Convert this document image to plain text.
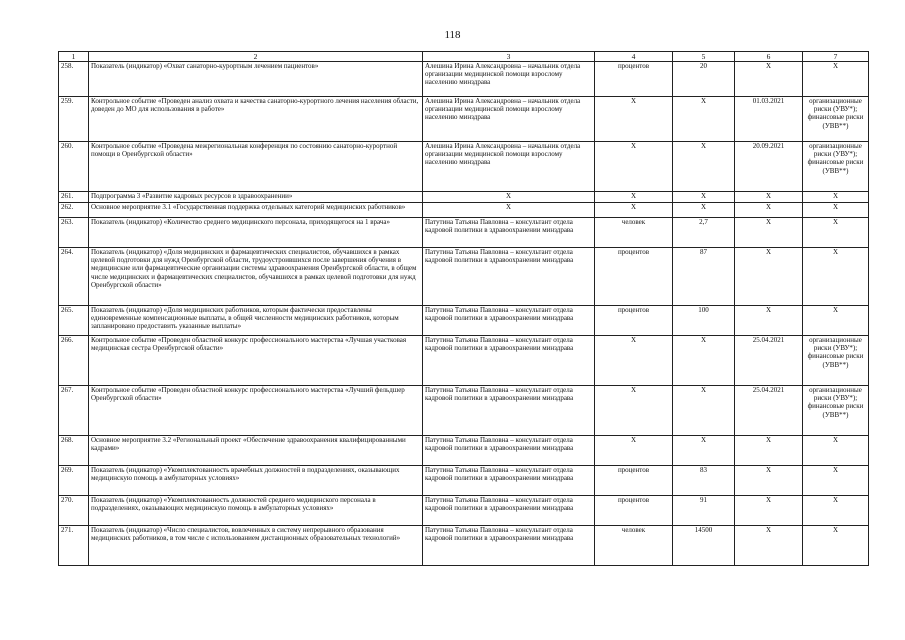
118
1	2	3	4	5	6	7
258.	Показатель (индикатор) «Охват санаторно-курортным лечением пациентов»	Алешина Ирина Александровна – начальник отдела организации медицинской помощи взрослому населению минздрава	процентов	20	Х	Х
259.	Контрольное событие «Проведен анализ охвата и качества санаторно-курортного лечения населения области, доведен до МО для использования в работе»	Алешина Ирина Александровна – начальник отдела организации медицинской помощи взрослому населению минздрава	Х	Х	01.03.2021	организационные риски (УВУ*); финансовые риски (УВВ**)
260.	Контрольное событие «Проведена межрегиональная конференция по состоянию санаторно-курортной помощи в Оренбургской области»	Алешина Ирина Александровна – начальник отдела организации медицинской помощи взрослому населению минздрава	Х	Х	20.09.2021	организационные риски (УВУ*); финансовые риски (УВВ**)
261.	Подпрограмма 3 «Развитие кадровых ресурсов в здравоохранении»	Х	Х	Х	Х	Х
262.	Основное мероприятие 3.1 «Государственная поддержка отдельных категорий медицинских работников»	Х	Х	Х	Х	Х
263.	Показатель (индикатор) «Количество среднего медицинского персонала, приходящегося на 1 врача»	Патутина Татьяна Павловна – консультант отдела кадровой политики в здравоохранении минздрава	человек	2,7	Х	Х
264.	Показатель (индикатор) «Доля медицинских и фармацевтических специалистов, обучавшихся в рамках целевой подготовки для нужд Оренбургской области, трудоустроившихся после завершения обучения в медицинские или фармацевтические организации системы здравоохранения Оренбургской области, в общем числе медицинских и фармацевтических специалистов, обучавшихся в рамках целевой подготовки для нужд Оренбургской области»	Патутина Татьяна Павловна – консультант отдела кадровой политики в здравоохранении минздрава	процентов	87	Х	Х
265.	Показатель (индикатор) «Доля медицинских работников, которым фактически предоставлены единовременные компенсационные выплаты, в общей численности медицинских работников, которым запланировано предоставить указанные выплаты»	Патутина Татьяна Павловна – консультант отдела кадровой политики в здравоохранении минздрава	процентов	100	Х	Х
266.	Контрольное событие «Проведен областной конкурс профессионального мастерства «Лучшая участковая медицинская сестра Оренбургской области»	Патутина Татьяна Павловна – консультант отдела кадровой политики в здравоохранении минздрава	Х	Х	25.04.2021	организационные риски (УВУ*); финансовые риски (УВВ**)
267.	Контрольное событие «Проведен областной конкурс профессионального мастерства «Лучший фельдшер Оренбургской области»	Патутина Татьяна Павловна – консультант отдела кадровой политики в здравоохранении минздрава	Х	Х	25.04.2021	организационные риски (УВУ*); финансовые риски (УВВ**)
268.	Основное мероприятие 3.2 «Региональный проект «Обеспечение здравоохранения квалифицированными кадрами»	Патутина Татьяна Павловна – консультант отдела кадровой политики в здравоохранении минздрава	Х	Х	Х	Х
269.	Показатель (индикатор) «Укомплектованность врачебных должностей в подразделениях, оказывающих медицинскую помощь в амбулаторных условиях»	Патутина Татьяна Павловна – консультант отдела кадровой политики в здравоохранении минздрава	процентов	83	Х	Х
270.	Показатель (индикатор) «Укомплектованность должностей среднего медицинского персонала в подразделениях, оказывающих медицинскую помощь в амбулаторных условиях»	Патутина Татьяна Павловна – консультант отдела кадровой политики в здравоохранении минздрава	процентов	91	Х	Х
271.	Показатель (индикатор) «Число специалистов, вовлеченных в систему непрерывного образования медицинских работников, в том числе с использованием дистанционных образовательных технологий»	Патутина Татьяна Павловна – консультант отдела кадровой политики в здравоохранении минздрава	человек	14500	Х	Х
